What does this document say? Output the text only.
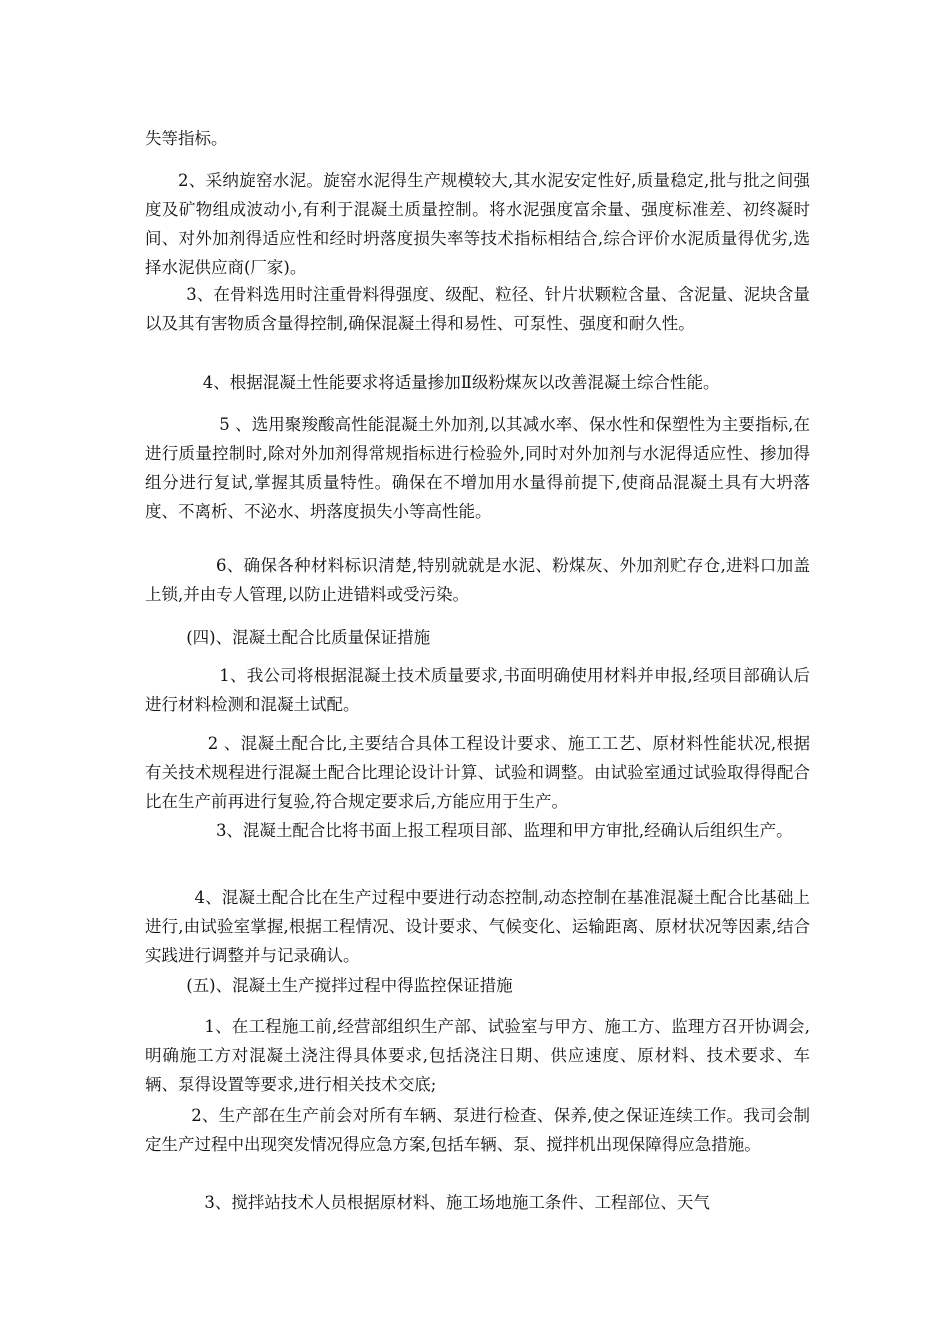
失等指标。

2、采纳旋窑水泥。旋窑水泥得生产规模较大,其水泥安定性好,质量稳定,批与批之间强度及矿物组成波动小,有利于混凝土质量控制。将水泥强度富余量、强度标准差、初终凝时间、对外加剂得适应性和经时坍落度损失率等技术指标相结合,综合评价水泥质量得优劣,选择水泥供应商(厂家)。

3、在骨料选用时注重骨料得强度、级配、粒径、针片状颗粒含量、含泥量、泥块含量以及其有害物质含量得控制,确保混凝土得和易性、可泵性、强度和耐久性。

4、根据混凝土性能要求将适量掺加Ⅱ级粉煤灰以改善混凝土综合性能。

5 、选用聚羧酸高性能混凝土外加剂,以其减水率、保水性和保塑性为主要指标,在进行质量控制时,除对外加剂得常规指标进行检验外,同时对外加剂与水泥得适应性、掺加得组分进行复试,掌握其质量特性。确保在不增加用水量得前提下,使商品混凝土具有大坍落度、不离析、不泌水、坍落度损失小等高性能。

6、确保各种材料标识清楚,特别就就是水泥、粉煤灰、外加剂贮存仓,进料口加盖上锁,并由专人管理,以防止进错料或受污染。

(四)、混凝土配合比质量保证措施

1、我公司将根据混凝土技术质量要求,书面明确使用材料并申报,经项目部确认后进行材料检测和混凝土试配。

2 、混凝土配合比,主要结合具体工程设计要求、施工工艺、原材料性能状况,根据有关技术规程进行混凝土配合比理论设计计算、试验和调整。由试验室通过试验取得得配合比在生产前再进行复验,符合规定要求后,方能应用于生产。

3、混凝土配合比将书面上报工程项目部、监理和甲方审批,经确认后组织生产。

4、混凝土配合比在生产过程中要进行动态控制,动态控制在基准混凝土配合比基础上进行,由试验室掌握,根据工程情况、设计要求、气候变化、运输距离、原材状况等因素,结合实践进行调整并与记录确认。

(五)、混凝土生产搅拌过程中得监控保证措施

1、在工程施工前,经营部组织生产部、试验室与甲方、施工方、监理方召开协调会,明确施工方对混凝土浇注得具体要求,包括浇注日期、供应速度、原材料、技术要求、车辆、泵得设置等要求,进行相关技术交底;

2、生产部在生产前会对所有车辆、泵进行检查、保养,使之保证连续工作。我司会制定生产过程中出现突发情况得应急方案,包括车辆、泵、搅拌机出现保障得应急措施。

3、搅拌站技术人员根据原材料、施工场地施工条件、工程部位、天气
